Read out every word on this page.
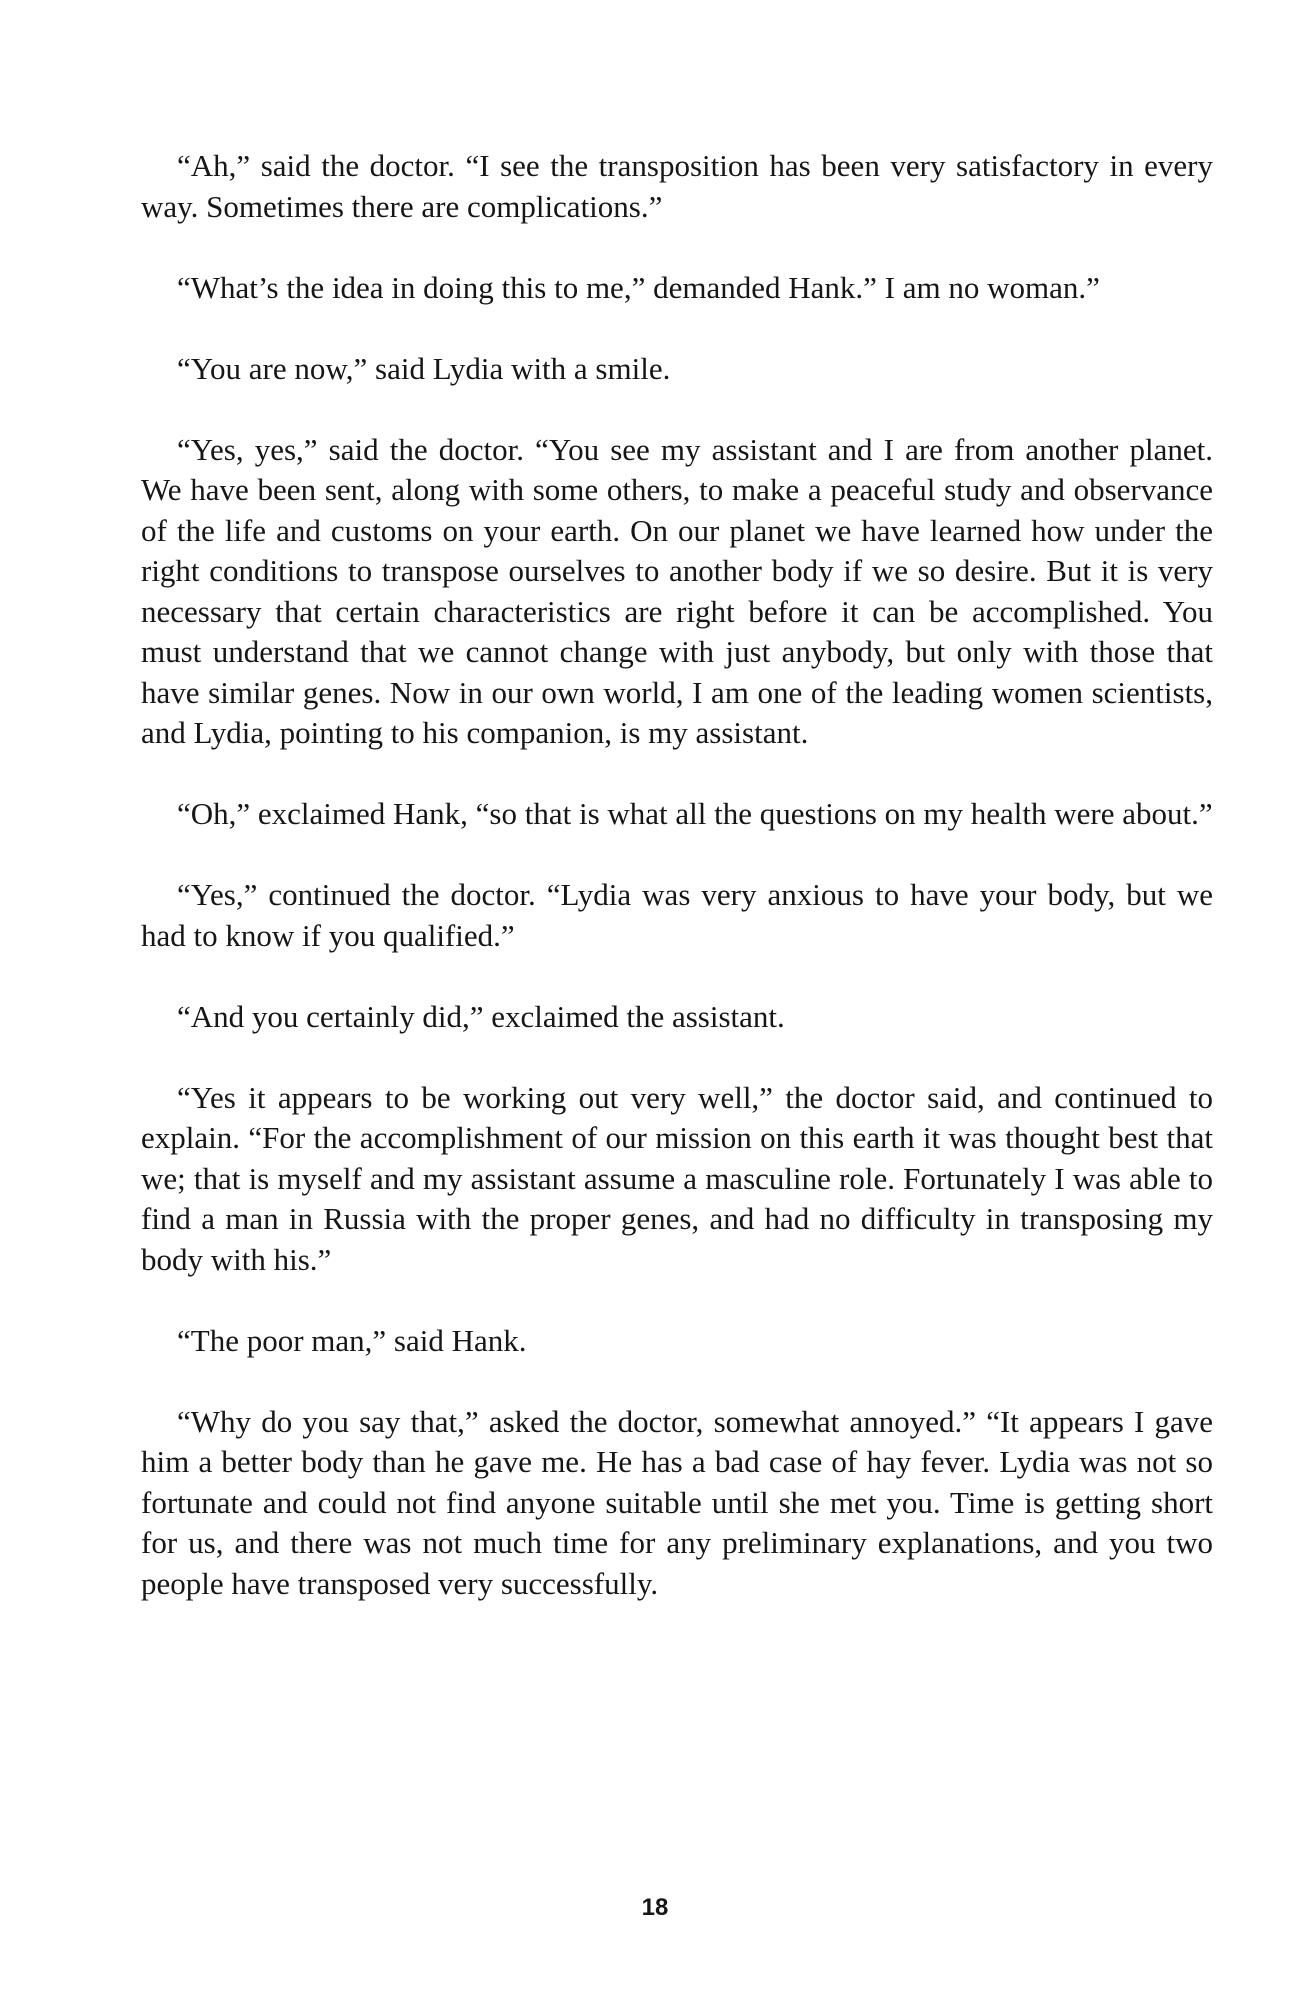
“Ah,” said the doctor. “I see the transposition has been very satisfactory in every way. Sometimes there are complications.”

“What’s the idea in doing this to me,” demanded Hank.” I am no woman.”

“You are now,” said Lydia with a smile.

“Yes, yes,” said the doctor. “You see my assistant and I are from another planet. We have been sent, along with some others, to make a peaceful study and observance of the life and customs on your earth. On our planet we have learned how under the right conditions to transpose ourselves to another body if we so desire. But it is very necessary that certain characteristics are right before it can be accomplished. You must understand that we cannot change with just anybody, but only with those that have similar genes. Now in our own world, I am one of the leading women scientists, and Lydia, pointing to his companion, is my assistant.

“Oh,” exclaimed Hank, “so that is what all the questions on my health were about.”

“Yes,” continued the doctor. “Lydia was very anxious to have your body, but we had to know if you qualified.”

“And you certainly did,” exclaimed the assistant.

“Yes it appears to be working out very well,” the doctor said, and continued to explain. “For the accomplishment of our mission on this earth it was thought best that we; that is myself and my assistant assume a masculine role. Fortunately I was able to find a man in Russia with the proper genes, and had no difficulty in transposing my body with his.”

“The poor man,” said Hank.

“Why do you say that,” asked the doctor, somewhat annoyed.” “It appears I gave him a better body than he gave me. He has a bad case of hay fever. Lydia was not so fortunate and could not find anyone suitable until she met you. Time is getting short for us, and there was not much time for any preliminary explanations, and you two people have transposed very successfully.

18
